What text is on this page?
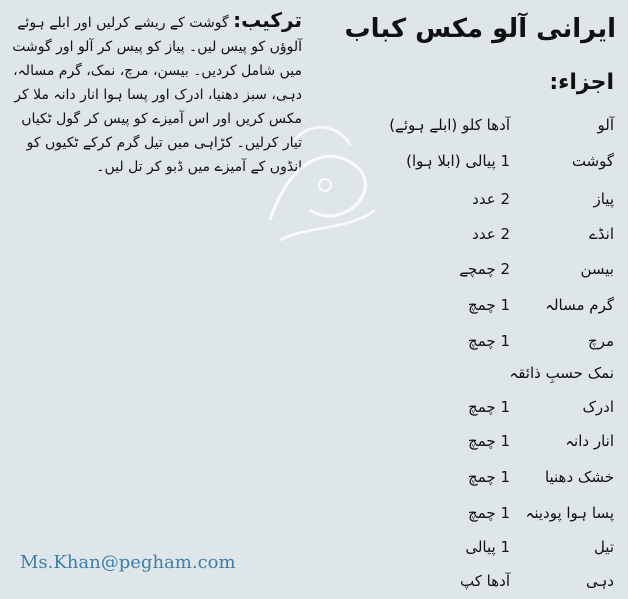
ایرانی آلو مکس کباب
اجزاء:
آلو
آدھا کلو (ابلے ہوئے)
گوشت
1 پیالی (ابلا ہوا)
پیاز
2 عدد
انڈے
2 عدد
بیسن
2 چمچے
گرم مسالہ
1 چمچ
مرچ
1 چمچ
نمک حسبِ ذائقہ
ادرک
1 چمچ
انار دانہ
1 چمچ
خشک دھنیا
1 چمچ
پسا ہوا پودینہ
1 چمچ
تیل
1 پیالی
دہی
آدھا کپ
ترکیب: گوشت کے ریشے کرلیں اور ابلے ہوئے آلوؤں کو پیس لیں۔ پیاز کو پیس کر آلو اور گوشت میں شامل کردیں۔ بیسن، مرچ، نمک، گرم مسالہ، دہی، سبز دھنیا، ادرک اور پسا ہوا انار دانہ ملا کر مکس کریں اور اس آمیزے کو پیس کر گول ٹکیاں تیار کرلیں۔ کڑاہی میں تیل گرم کرکے ٹکیوں کو انڈوں کے آمیزے میں ڈبو کر تل لیں۔
Ms.Khan@pegham.com
